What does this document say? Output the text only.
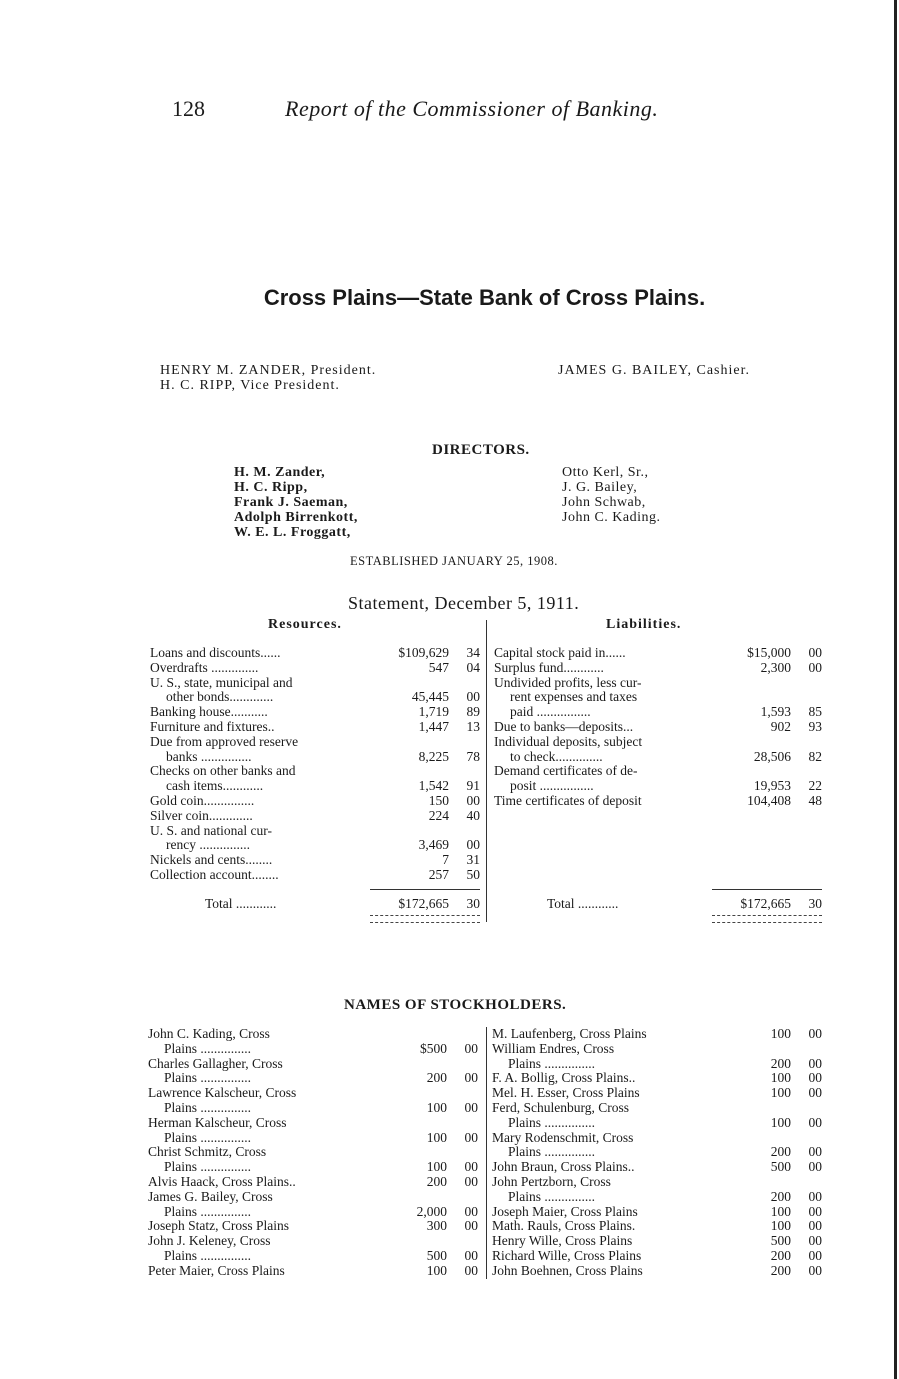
128	Report of the Commissioner of Banking.
Cross Plains—State Bank of Cross Plains.
HENRY M. ZANDER, President.
H. C. RIPP, Vice President.
JAMES G. BAILEY, Cashier.
DIRECTORS.
H. M. Zander,
H. C. Ripp,
Frank J. Saeman,
Adolph Birrenkott,
W. E. L. Froggatt,
Otto Kerl, Sr.,
J. G. Bailey,
John Schwab,
John C. Kading.
ESTABLISHED JANUARY 25, 1908.
Statement, December 5, 1911.
Resources.	Liabilities.
Loans and discounts......	$109,629	34
Overdrafts ..............	547	04
U. S., state, municipal and		
other bonds.............	45,445	00
Banking house...........	1,719	89
Furniture and fixtures..	1,447	13
Due from approved reserve		
banks ...............	8,225	78
Checks on other banks and		
cash items............	1,542	91
Gold coin...............	150	00
Silver coin.............	224	40
U. S. and national cur-		
rency ...............	3,469	00
Nickels and cents........	7	31
Collection account........	257	50
Total ............	$172,665	30
Capital stock paid in......	$15,000	00
Surplus fund............	2,300	00
Undivided profits, less cur-		
rent expenses and taxes		
paid ................	1,593	85
Due to banks—deposits...	902	93
Individual deposits, subject		
to check..............	28,506	82
Demand certificates of de-		
posit ................	19,953	22
Time certificates of deposit	104,408	48
Total ............	$172,665	30
NAMES OF STOCKHOLDERS.
John C. Kading, Cross		
Plains ...............	$500	00
Charles Gallagher, Cross		
Plains ...............	200	00
Lawrence Kalscheur, Cross		
Plains ...............	100	00
Herman Kalscheur, Cross		
Plains ...............	100	00
Christ Schmitz, Cross		
Plains ...............	100	00
Alvis Haack, Cross Plains..	200	00
James G. Bailey, Cross		
Plains ...............	2,000	00
Joseph Statz, Cross Plains	300	00
John J. Keleney, Cross		
Plains ...............	500	00
Peter Maier, Cross Plains	100	00
M. Laufenberg, Cross Plains	100	00
William Endres, Cross		
Plains ...............	200	00
F. A. Bollig, Cross Plains..	100	00
Mel. H. Esser, Cross Plains	100	00
Ferd, Schulenburg, Cross		
Plains ...............	100	00
Mary Rodenschmit, Cross		
Plains ...............	200	00
John Braun, Cross Plains..	500	00
John Pertzborn, Cross		
Plains ...............	200	00
Joseph Maier, Cross Plains	100	00
Math. Rauls, Cross Plains.	100	00
Henry Wille, Cross Plains	500	00
Richard Wille, Cross Plains	200	00
John Boehnen, Cross Plains	200	00
